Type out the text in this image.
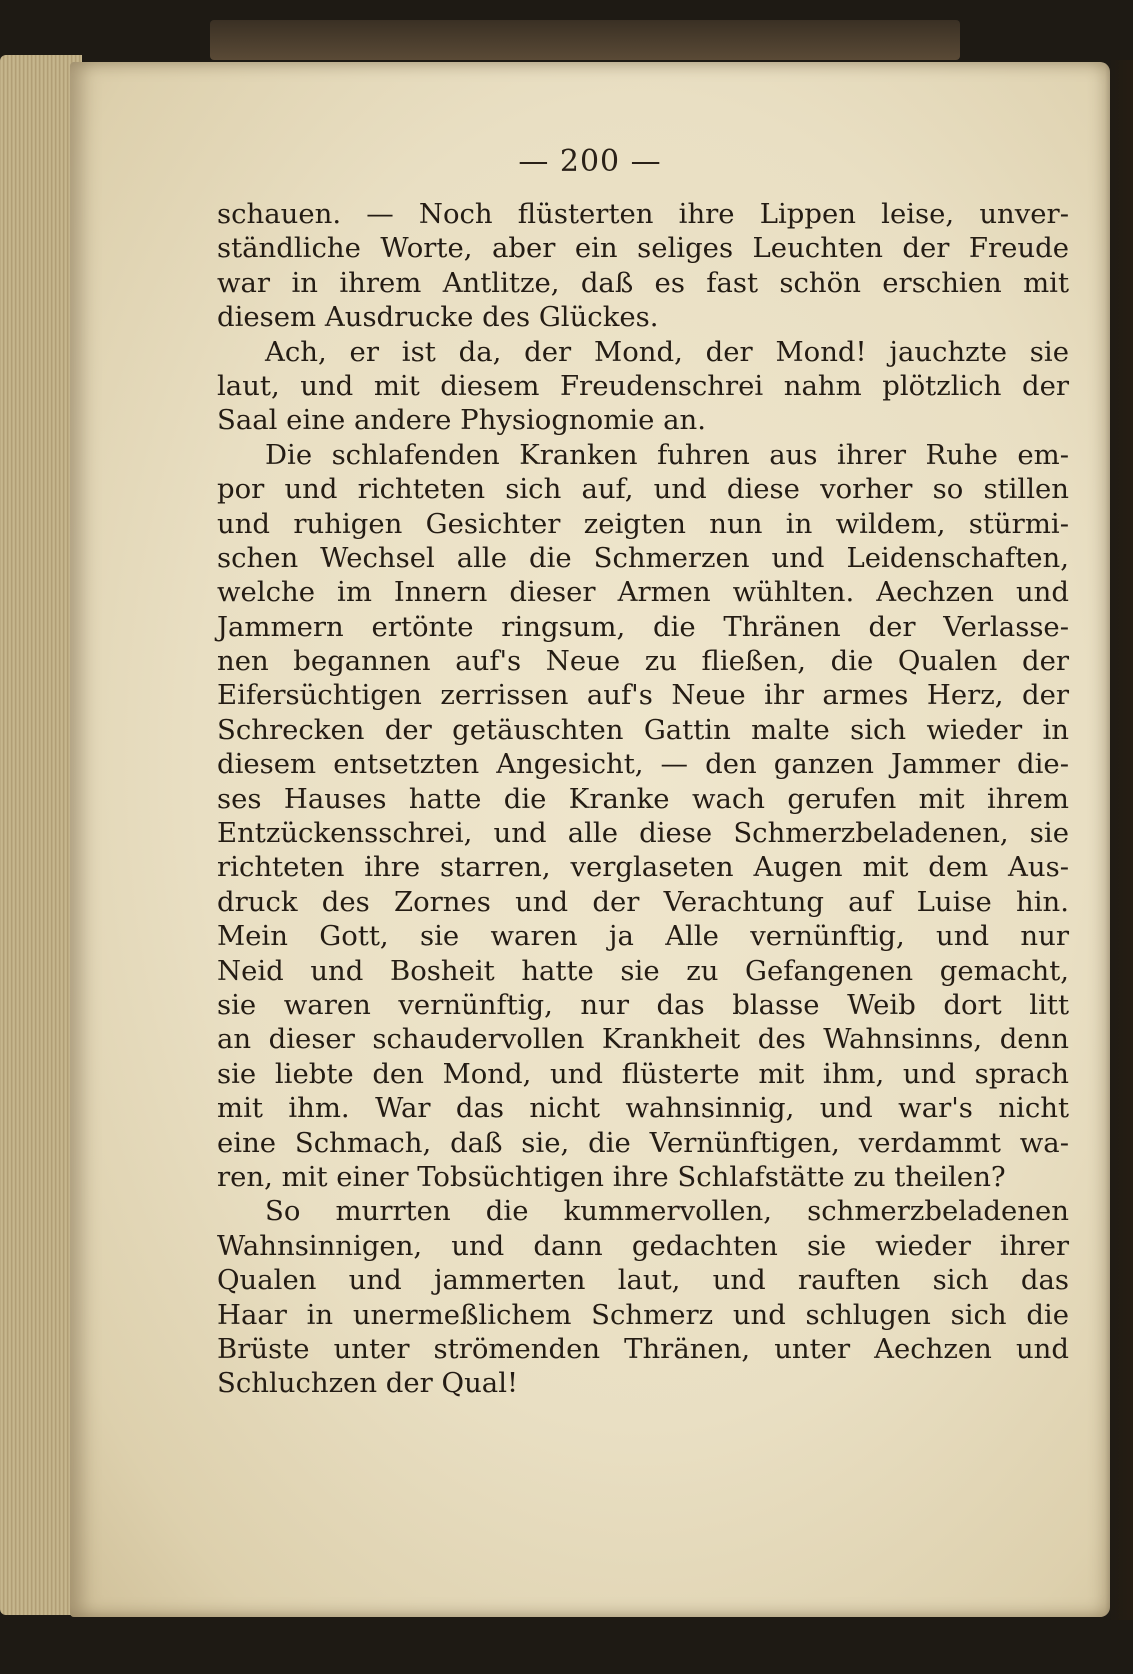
— 200 —
schauen. — Noch flüsterten ihre Lippen leise, unver-
ständliche Worte, aber ein seliges Leuchten der Freude
war in ihrem Antlitze, daß es fast schön erschien mit
diesem Ausdrucke des Glückes.
Ach, er ist da, der Mond, der Mond! jauchzte sie
laut, und mit diesem Freudenschrei nahm plötzlich der
Saal eine andere Physiognomie an.
Die schlafenden Kranken fuhren aus ihrer Ruhe em-
por und richteten sich auf, und diese vorher so stillen
und ruhigen Gesichter zeigten nun in wildem, stürmi-
schen Wechsel alle die Schmerzen und Leidenschaften,
welche im Innern dieser Armen wühlten. Aechzen und
Jammern ertönte ringsum, die Thränen der Verlasse-
nen begannen auf's Neue zu fließen, die Qualen der
Eifersüchtigen zerrissen auf's Neue ihr armes Herz, der
Schrecken der getäuschten Gattin malte sich wieder in
diesem entsetzten Angesicht, — den ganzen Jammer die-
ses Hauses hatte die Kranke wach gerufen mit ihrem
Entzückensschrei, und alle diese Schmerzbeladenen, sie
richteten ihre starren, verglaseten Augen mit dem Aus-
druck des Zornes und der Verachtung auf Luise hin.
Mein Gott, sie waren ja Alle vernünftig, und nur
Neid und Bosheit hatte sie zu Gefangenen gemacht,
sie waren vernünftig, nur das blasse Weib dort litt
an dieser schaudervollen Krankheit des Wahnsinns, denn
sie liebte den Mond, und flüsterte mit ihm, und sprach
mit ihm. War das nicht wahnsinnig, und war's nicht
eine Schmach, daß sie, die Vernünftigen, verdammt wa-
ren, mit einer Tobsüchtigen ihre Schlafstätte zu theilen?
So murrten die kummervollen, schmerzbeladenen
Wahnsinnigen, und dann gedachten sie wieder ihrer
Qualen und jammerten laut, und rauften sich das
Haar in unermeßlichem Schmerz und schlugen sich die
Brüste unter strömenden Thränen, unter Aechzen und
Schluchzen der Qual!
